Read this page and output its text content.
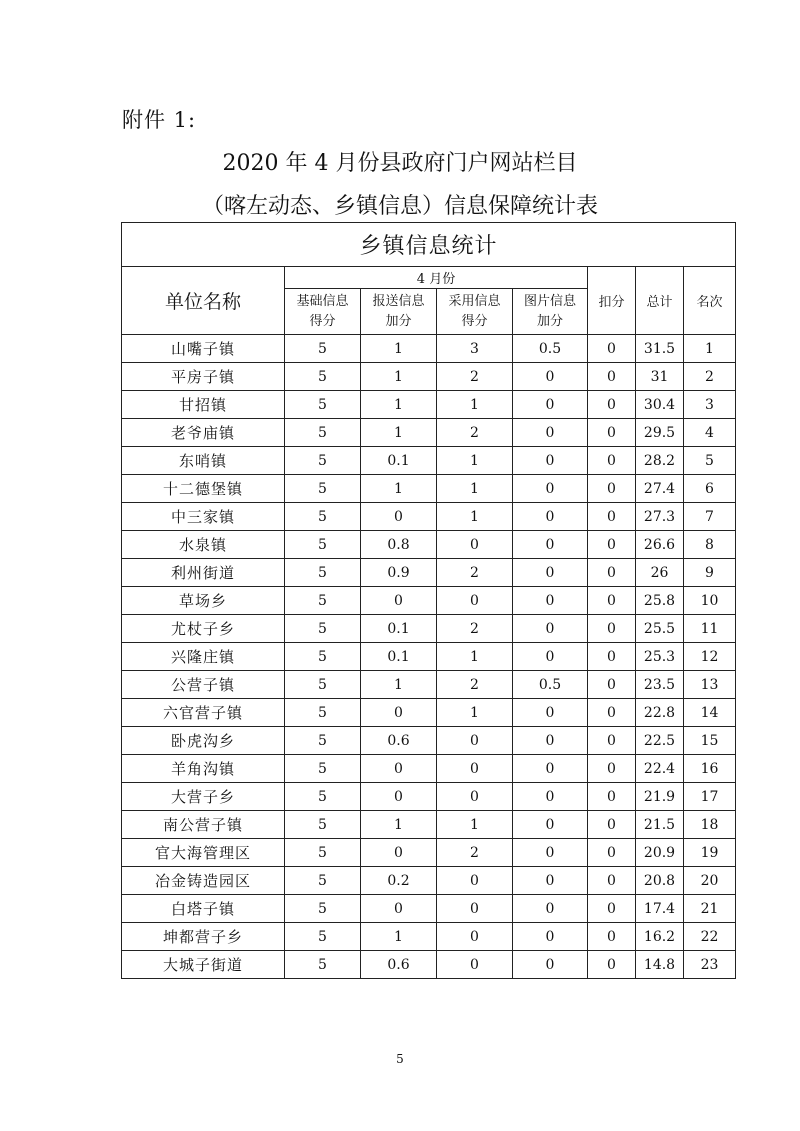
附件 1:
2020 年 4 月份县政府门户网站栏目
（喀左动态、乡镇信息）信息保障统计表
乡镇信息统计							
单位名称	4 月份				扣分	总计	名次
	基础信息得分	报送信息加分	采用信息得分	图片信息加分			
山嘴子镇	5	1	3	0.5	0	31.5	1
平房子镇	5	1	2	0	0	31	2
甘招镇	5	1	1	0	0	30.4	3
老爷庙镇	5	1	2	0	0	29.5	4
东哨镇	5	0.1	1	0	0	28.2	5
十二德堡镇	5	1	1	0	0	27.4	6
中三家镇	5	0	1	0	0	27.3	7
水泉镇	5	0.8	0	0	0	26.6	8
利州街道	5	0.9	2	0	0	26	9
草场乡	5	0	0	0	0	25.8	10
尤杖子乡	5	0.1	2	0	0	25.5	11
兴隆庄镇	5	0.1	1	0	0	25.3	12
公营子镇	5	1	2	0.5	0	23.5	13
六官营子镇	5	0	1	0	0	22.8	14
卧虎沟乡	5	0.6	0	0	0	22.5	15
羊角沟镇	5	0	0	0	0	22.4	16
大营子乡	5	0	0	0	0	21.9	17
南公营子镇	5	1	1	0	0	21.5	18
官大海管理区	5	0	2	0	0	20.9	19
冶金铸造园区	5	0.2	0	0	0	20.8	20
白塔子镇	5	0	0	0	0	17.4	21
坤都营子乡	5	1	0	0	0	16.2	22
大城子街道	5	0.6	0	0	0	14.8	23
5
